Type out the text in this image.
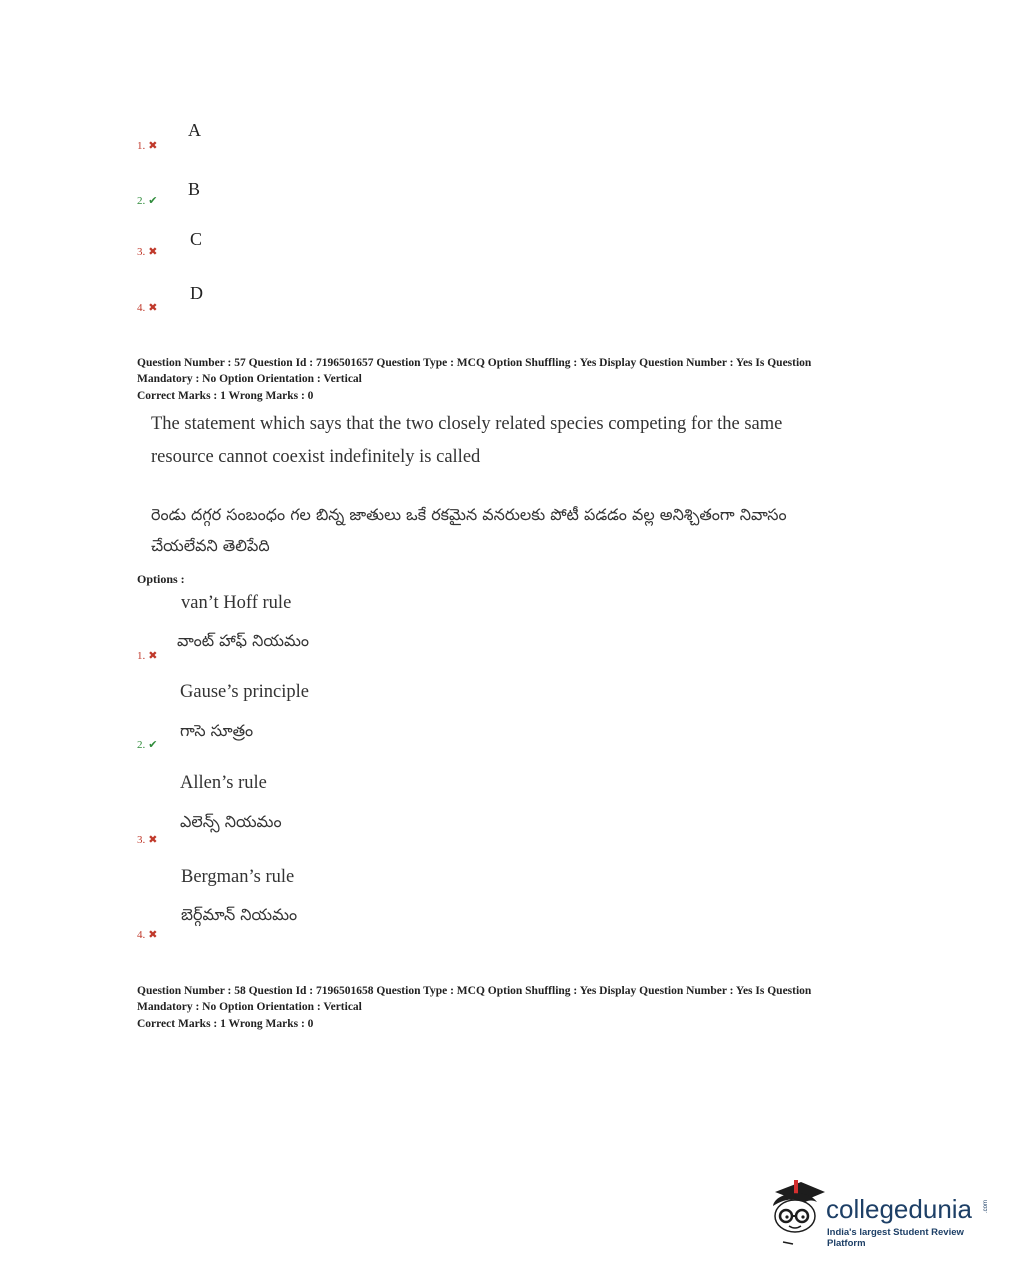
1. ✖
A
2. ✔
B
3. ✖
C
4. ✖
D
Question Number : 57 Question Id : 7196501657 Question Type : MCQ Option Shuffling : Yes Display Question Number : Yes Is Question
Mandatory : No Option Orientation : Vertical
Correct Marks : 1 Wrong Marks : 0
The statement which says that the two closely related species competing for the same
resource cannot coexist indefinitely is called
రెండు దగ్గర సంబంధం గల బిన్న జాతులు ఒకే రకమైన వనరులకు పోటీ పడడం వల్ల అనిశ్చితంగా నివాసం
చేయలేవని తెలిపేది
Options :
van’t Hoff rule
వాంట్ హాఫ్ నియమం
1. ✖
Gause’s principle
గాసె సూత్రం
2. ✔
Allen’s rule
ఎలెన్స్ నియమం
3. ✖
Bergman’s rule
బెర్గ్‌మాన్ నియమం
4. ✖
Question Number : 58 Question Id : 7196501658 Question Type : MCQ Option Shuffling : Yes Display Question Number : Yes Is Question
Mandatory : No Option Orientation : Vertical
Correct Marks : 1 Wrong Marks : 0
collegedunia .com
India's largest Student Review Platform
